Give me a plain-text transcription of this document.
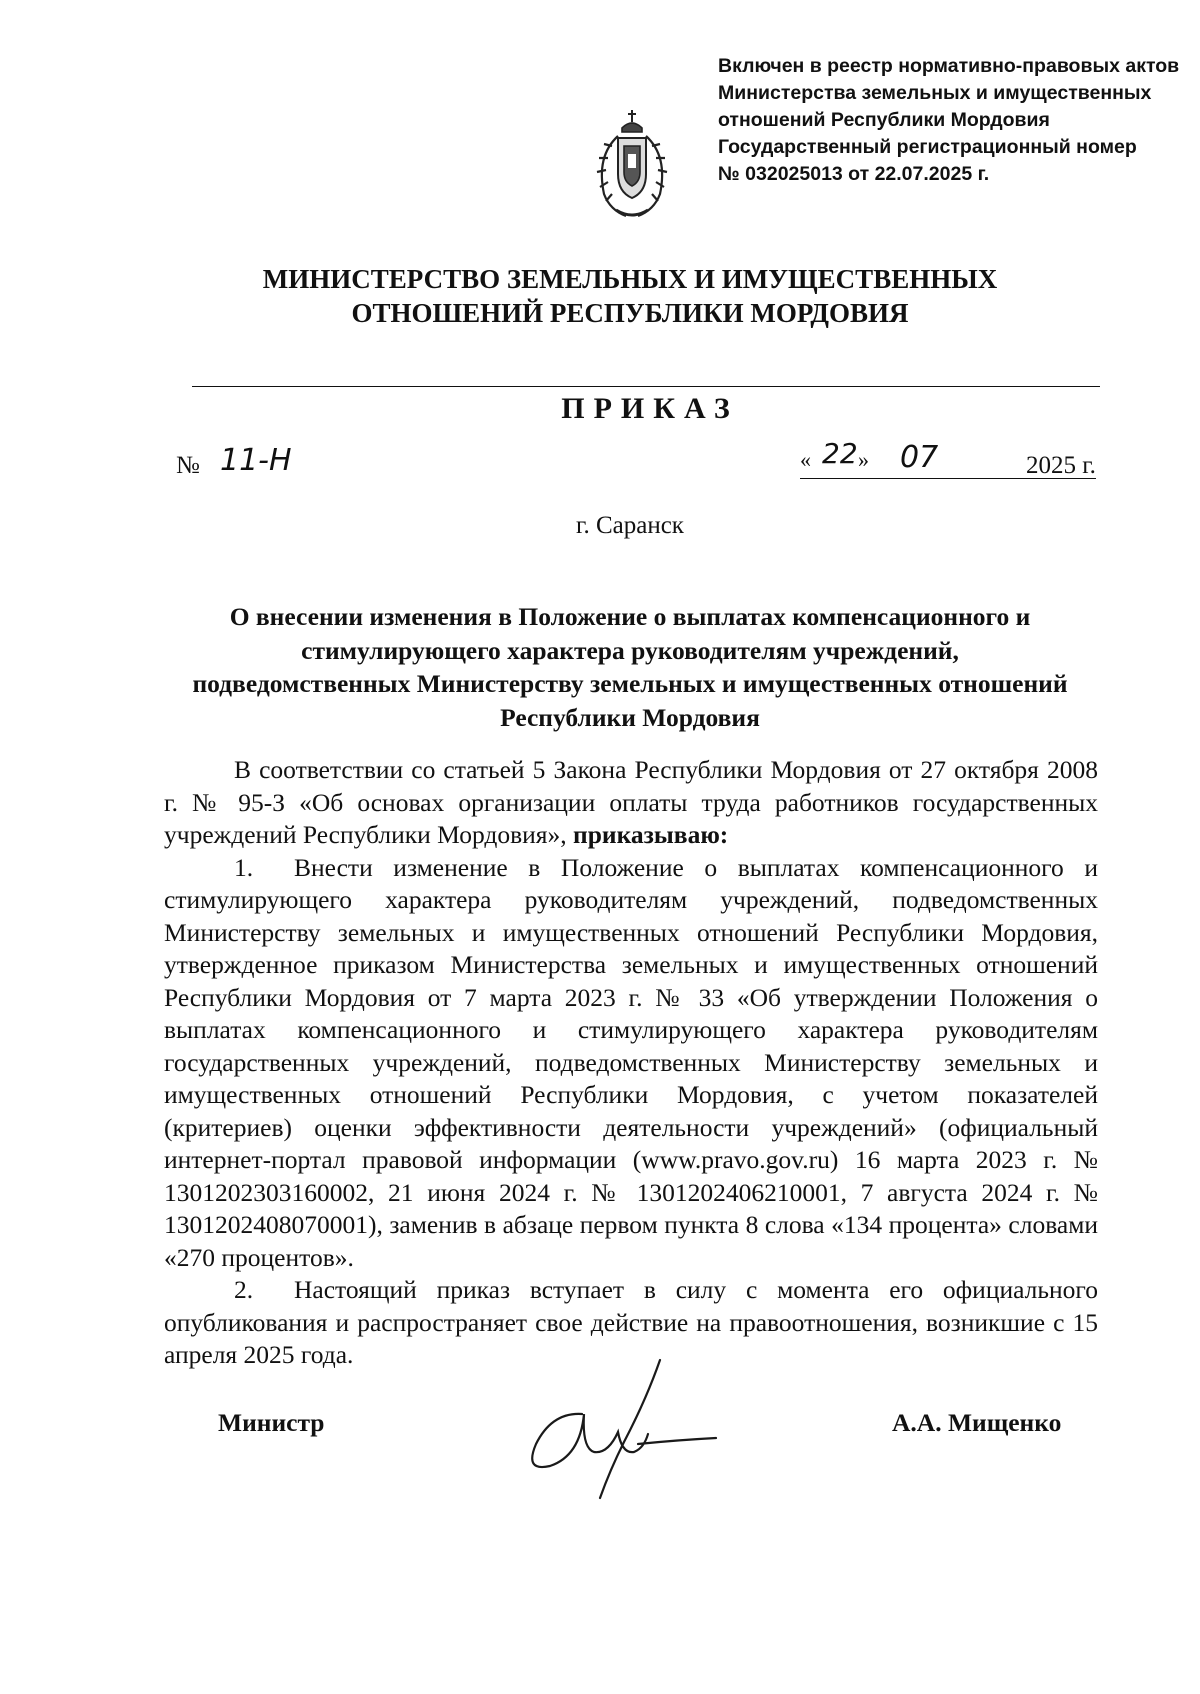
Включен в реестр нормативно-правовых актов
Министерства земельных и имущественных
отношений Республики Мордовия
Государственный регистрационный номер
№ 032025013 от 22.07.2025 г.
МИНИСТЕРСТВО ЗЕМЕЛЬНЫХ И ИМУЩЕСТВЕННЫХ
ОТНОШЕНИЙ РЕСПУБЛИКИ МОРДОВИЯ
ПРИКАЗ
№ 11-Н	« 22 » 07	2025 г.
г. Саранск
О внесении изменения в Положение о выплатах компенсационного и
стимулирующего характера руководителям учреждений,
подведомственных Министерству земельных и имущественных отношений
Республики Мордовия

В соответствии со статьей 5 Закона Республики Мордовия от 27 октября 2008 г. № 95-З «Об основах организации оплаты труда работников государственных учреждений Республики Мордовия», приказываю:

1. Внести изменение в Положение о выплатах компенсационного и стимулирующего характера руководителям учреждений, подведомственных Министерству земельных и имущественных отношений Республики Мордовия, утвержденное приказом Министерства земельных и имущественных отношений Республики Мордовия от 7 марта 2023 г. № 33 «Об утверждении Положения о выплатах компенсационного и стимулирующего характера руководителям государственных учреждений, подведомственных Министерству земельных и имущественных отношений Республики Мордовия, с учетом показателей (критериев) оценки эффективности деятельности учреждений» (официальный интернет-портал правовой информации (www.pravo.gov.ru) 16 марта 2023 г. № 1301202303160002, 21 июня 2024 г. № 1301202406210001, 7 августа 2024 г. № 1301202408070001), заменив в абзаце первом пункта 8 слова «134 процента» словами «270 процентов».

2. Настоящий приказ вступает в силу с момента его официального опубликования и распространяет свое действие на правоотношения, возникшие с 15 апреля 2025 года.

Министр	А.А. Мищенко
